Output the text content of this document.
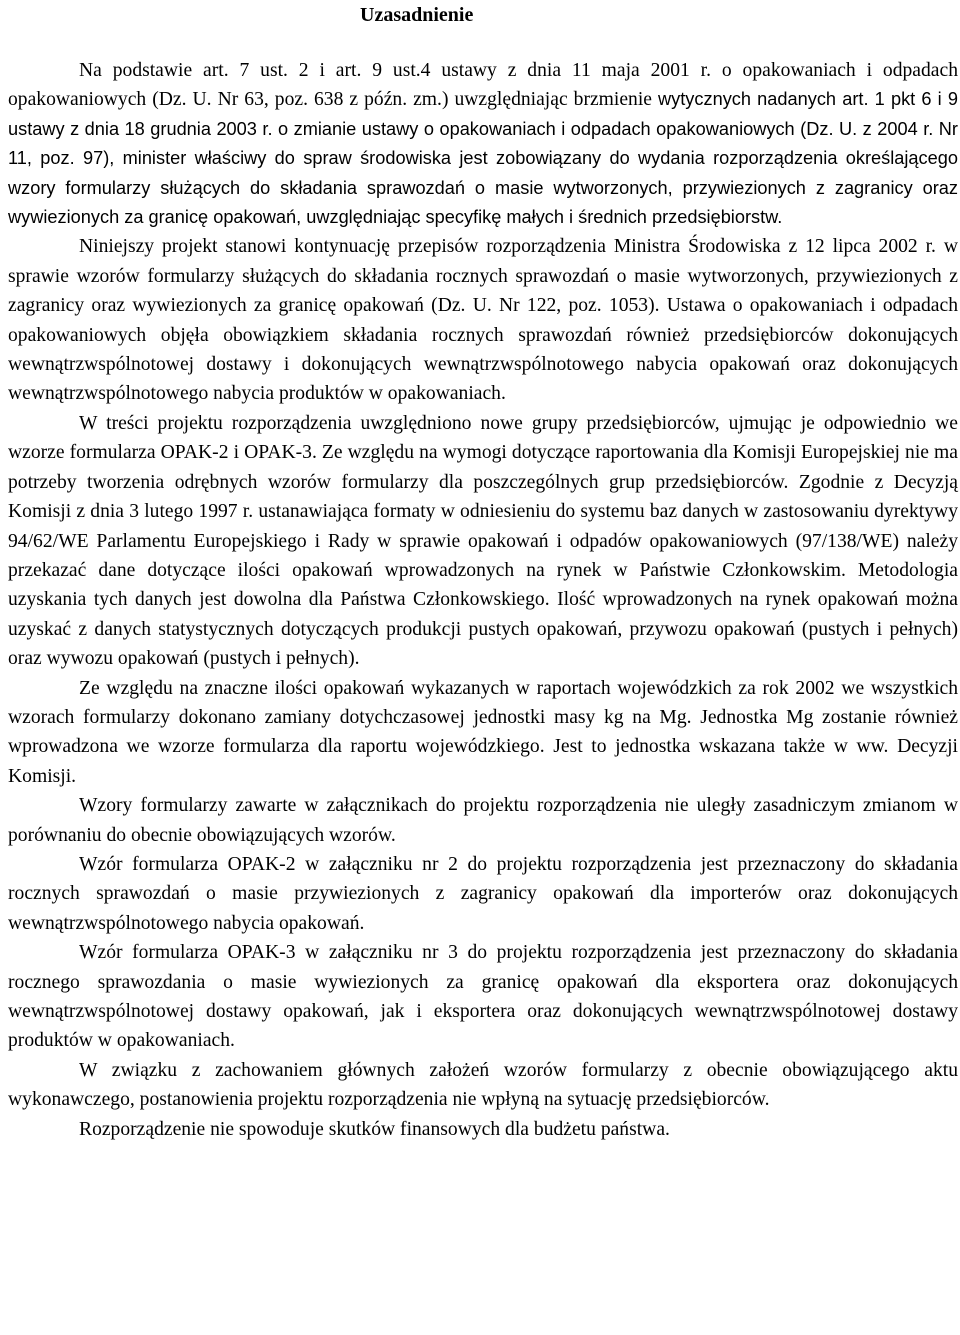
Uzasadnienie

Na podstawie art. 7 ust. 2 i art. 9 ust.4 ustawy z dnia 11 maja 2001 r. o opakowaniach i odpadach opakowaniowych (Dz. U. Nr 63, poz. 638 z późn. zm.) uwzględniając brzmienie wytycznych nadanych art. 1 pkt 6 i 9 ustawy z dnia 18 grudnia 2003 r. o zmianie ustawy o opakowaniach i odpadach opakowaniowych (Dz. U. z 2004 r. Nr 11, poz. 97), minister właściwy do spraw środowiska jest zobowiązany do wydania rozporządzenia określającego wzory formularzy służących do składania sprawozdań o masie wytworzonych, przywiezionych z zagranicy oraz wywiezionych za granicę opakowań, uwzględniając specyfikę małych i średnich przedsiębiorstw.

Niniejszy projekt stanowi kontynuację przepisów rozporządzenia Ministra Środowiska z 12 lipca 2002 r. w sprawie wzorów formularzy służących do składania rocznych sprawozdań o masie wytworzonych, przywiezionych z zagranicy oraz wywiezionych za granicę opakowań (Dz. U. Nr 122, poz. 1053). Ustawa o opakowaniach i odpadach opakowaniowych objęła obowiązkiem składania rocznych sprawozdań również przedsiębiorców dokonujących wewnątrzwspólnotowej dostawy i dokonujących wewnątrzwspólnotowego nabycia opakowań oraz dokonujących wewnątrzwspólnotowego nabycia produktów w opakowaniach.

W treści projektu rozporządzenia uwzględniono nowe grupy przedsiębiorców, ujmując je odpowiednio we wzorze formularza OPAK-2 i OPAK-3. Ze względu na wymogi dotyczące raportowania dla Komisji Europejskiej nie ma potrzeby tworzenia odrębnych wzorów formularzy dla poszczególnych grup przedsiębiorców. Zgodnie z Decyzją Komisji z dnia 3 lutego 1997 r. ustanawiająca formaty w odniesieniu do systemu baz danych w zastosowaniu dyrektywy 94/62/WE Parlamentu Europejskiego i Rady w sprawie opakowań i odpadów opakowaniowych (97/138/WE) należy przekazać dane dotyczące ilości opakowań wprowadzonych na rynek w Państwie Członkowskim. Metodologia uzyskania tych danych jest dowolna dla Państwa Członkowskiego. Ilość wprowadzonych na rynek opakowań można uzyskać z danych statystycznych dotyczących produkcji pustych opakowań, przywozu opakowań (pustych i pełnych) oraz wywozu opakowań (pustych i pełnych).

Ze względu na znaczne ilości opakowań wykazanych w raportach wojewódzkich za rok 2002 we wszystkich wzorach formularzy dokonano zamiany dotychczasowej jednostki masy kg na Mg. Jednostka Mg zostanie również wprowadzona we wzorze formularza dla raportu wojewódzkiego. Jest to jednostka wskazana także w ww. Decyzji Komisji.

Wzory formularzy zawarte w załącznikach do projektu rozporządzenia nie uległy zasadniczym zmianom w porównaniu do obecnie obowiązujących wzorów.

Wzór formularza OPAK-2 w załączniku nr 2 do projektu rozporządzenia jest przeznaczony do składania rocznych sprawozdań o masie przywiezionych z zagranicy opakowań dla importerów oraz dokonujących wewnątrzwspólnotowego nabycia opakowań.

Wzór formularza OPAK-3 w załączniku nr 3 do projektu rozporządzenia jest przeznaczony do składania rocznego sprawozdania o masie wywiezionych za granicę opakowań dla eksportera oraz dokonujących wewnątrzwspólnotowej dostawy opakowań, jak i eksportera oraz dokonujących wewnątrzwspólnotowej dostawy produktów w opakowaniach.

W związku z zachowaniem głównych założeń wzorów formularzy z obecnie obowiązującego aktu wykonawczego, postanowienia projektu rozporządzenia nie wpłyną na sytuację przedsiębiorców.

Rozporządzenie nie spowoduje skutków finansowych dla budżetu państwa.
